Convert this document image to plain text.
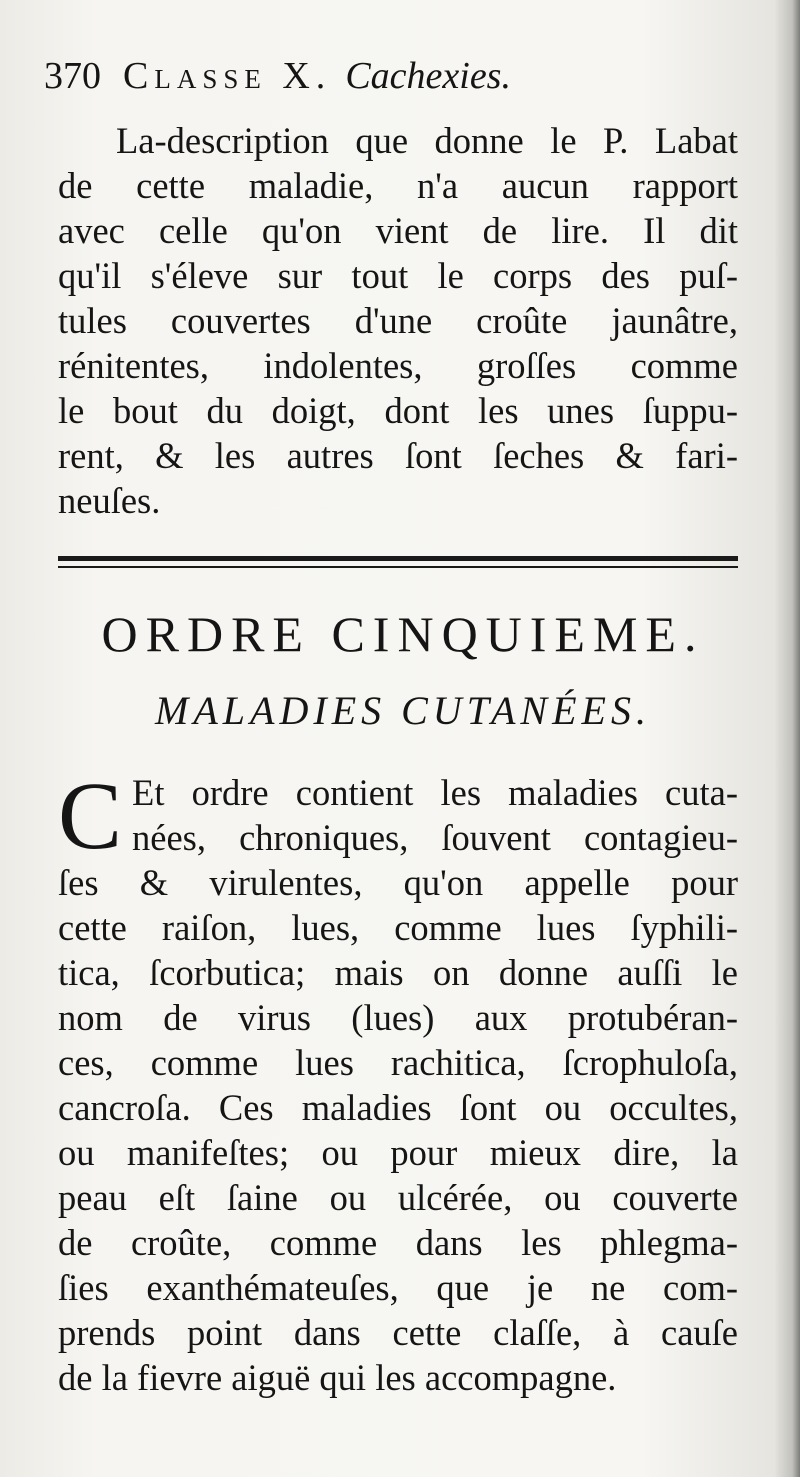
370 Classe X. Cachexies.
La-description que donne le P. Labat
de cette maladie, n'a aucun rapport
avec celle qu'on vient de lire. Il dit
qu'il s'éleve sur tout le corps des puſ-
tules couvertes d'une croûte jaunâtre,
rénitentes, indolentes, groſſes comme
le bout du doigt, dont les unes ſuppu-
rent, & les autres ſont ſeches & fari-
neuſes.
ORDRE CINQUIEME.
MALADIES CUTANÉES.
C Et ordre contient les maladies cuta-
nées, chroniques, ſouvent contagieu-
ſes & virulentes, qu'on appelle pour
cette raiſon, lues, comme lues ſyphili-
tica, ſcorbutica; mais on donne auſſi le
nom de virus (lues) aux protubéran-
ces, comme lues rachitica, ſcrophuloſa,
cancroſa. Ces maladies ſont ou occultes,
ou manifeſtes; ou pour mieux dire, la
peau eſt ſaine ou ulcérée, ou couverte
de croûte, comme dans les phlegma-
ſies exanthémateuſes, que je ne com-
prends point dans cette claſſe, à cauſe
de la fievre aiguë qui les accompagne.
